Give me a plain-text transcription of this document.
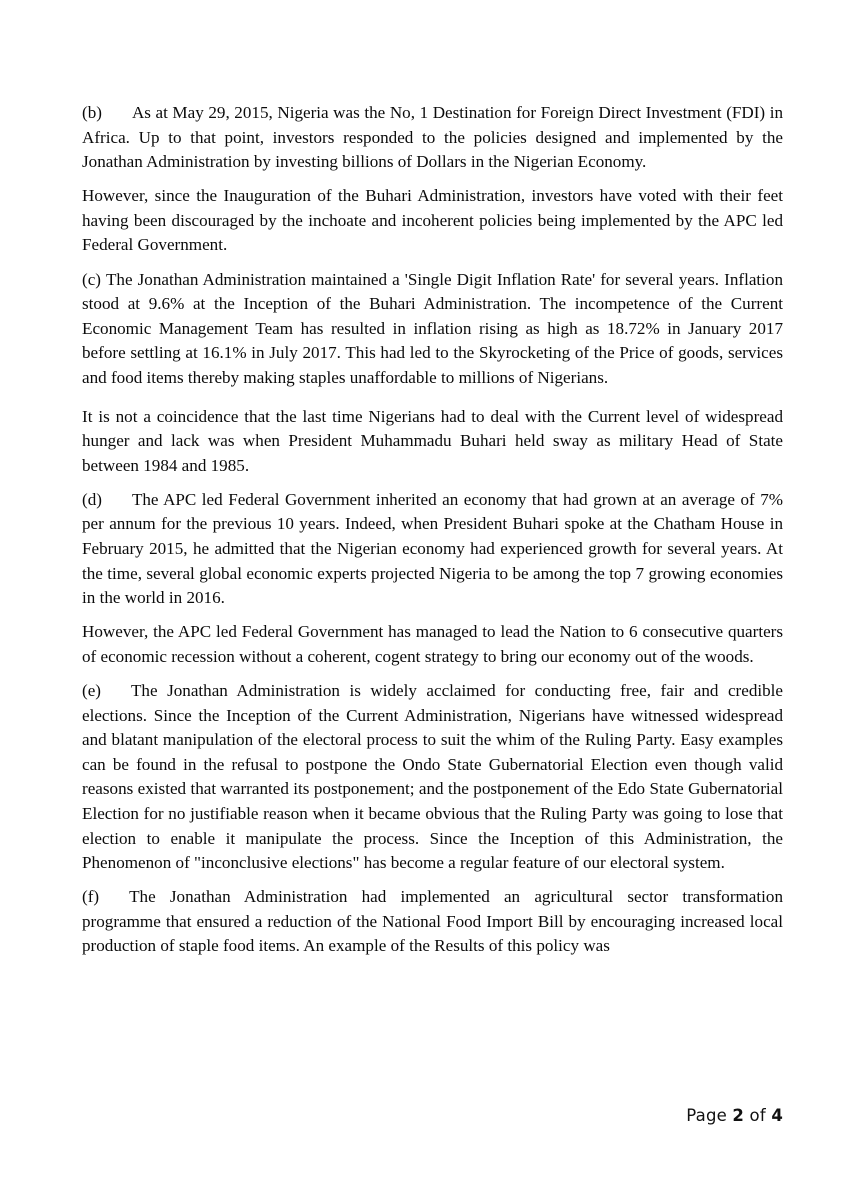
(b) As at May 29, 2015, Nigeria was the No, 1 Destination for Foreign Direct Investment (FDI) in Africa. Up to that point, investors responded to the policies designed and implemented by the Jonathan Administration by investing billions of Dollars in the Nigerian Economy.

However, since the Inauguration of the Buhari Administration, investors have voted with their feet having been discouraged by the inchoate and incoherent policies being implemented by the APC led Federal Government.

(c) The Jonathan Administration maintained a 'Single Digit Inflation Rate' for several years. Inflation stood at 9.6% at the Inception of the Buhari Administration. The incompetence of the Current Economic Management Team has resulted in inflation rising as high as 18.72% in January 2017 before settling at 16.1% in July 2017. This had led to the Skyrocketing of the Price of goods, services and food items thereby making staples unaffordable to millions of Nigerians.

It is not a coincidence that the last time Nigerians had to deal with the Current level of widespread hunger and lack was when President Muhammadu Buhari held sway as military Head of State between 1984 and 1985.

(d) The APC led Federal Government inherited an economy that had grown at an average of 7% per annum for the previous 10 years. Indeed, when President Buhari spoke at the Chatham House in February 2015, he admitted that the Nigerian economy had experienced growth for several years. At the time, several global economic experts projected Nigeria to be among the top 7 growing economies in the world in 2016.

However, the APC led Federal Government has managed to lead the Nation to 6 consecutive quarters of economic recession without a coherent, cogent strategy to bring our economy out of the woods.

(e) The Jonathan Administration is widely acclaimed for conducting free, fair and credible elections. Since the Inception of the Current Administration, Nigerians have witnessed widespread and blatant manipulation of the electoral process to suit the whim of the Ruling Party. Easy examples can be found in the refusal to postpone the Ondo State Gubernatorial Election even though valid reasons existed that warranted its postponement; and the postponement of the Edo State Gubernatorial Election for no justifiable reason when it became obvious that the Ruling Party was going to lose that election to enable it manipulate the process. Since the Inception of this Administration, the Phenomenon of "inconclusive elections" has become a regular feature of our electoral system.

(f) The Jonathan Administration had implemented an agricultural sector transformation programme that ensured a reduction of the National Food Import Bill by encouraging increased local production of staple food items. An example of the Results of this policy was

Page 2 of 4
